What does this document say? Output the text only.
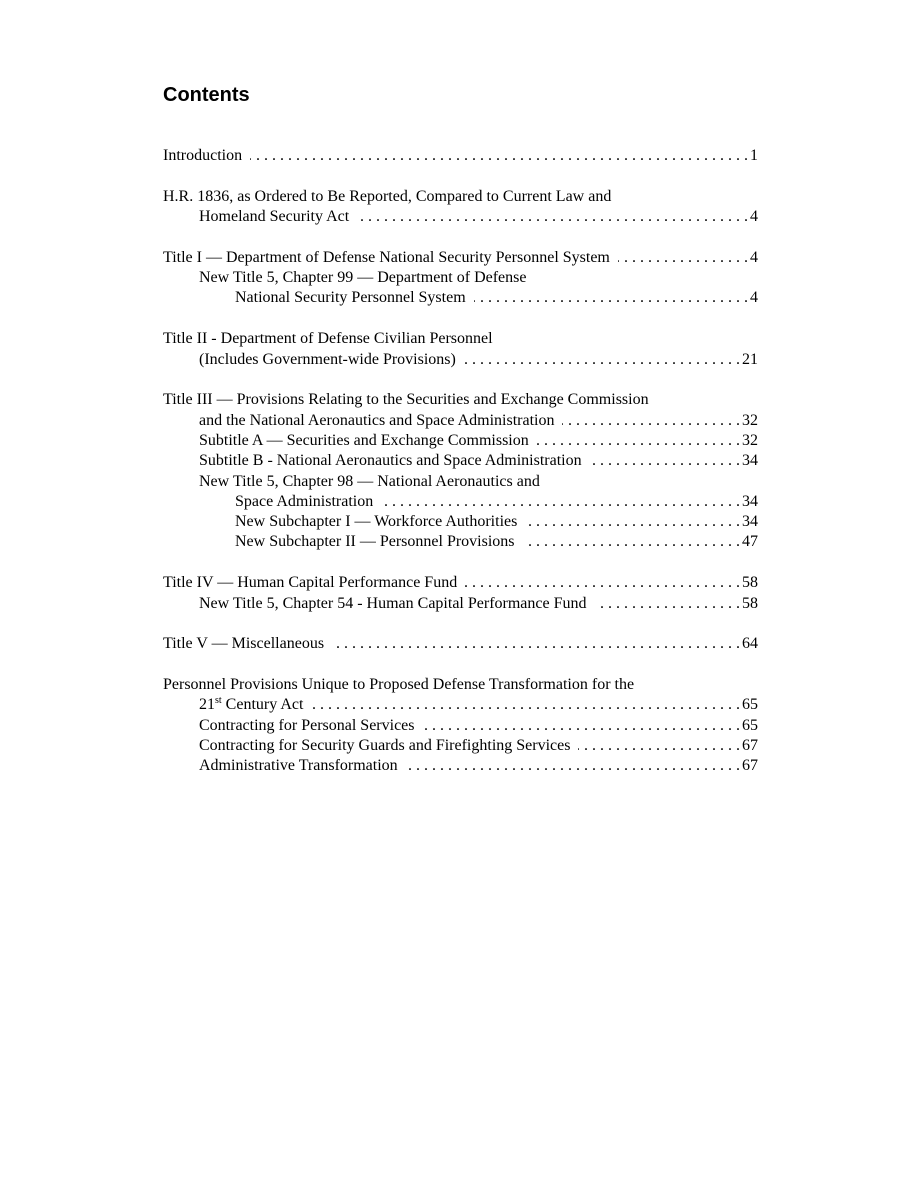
Contents
Introduction . . .	1
H.R. 1836, as Ordered to Be Reported, Compared to Current Law and
Homeland Security Act . . .	4
Title I — Department of Defense National Security Personnel System . . .	4
New Title 5, Chapter 99 — Department of Defense
National Security Personnel System . . .	4
Title II - Department of Defense Civilian Personnel
(Includes Government-wide Provisions) . . .	21
Title III — Provisions Relating to the Securities and Exchange Commission
and the National Aeronautics and Space Administration . . .	32
Subtitle A — Securities and Exchange Commission . . .	32
Subtitle B - National Aeronautics and Space Administration . . .	34
New Title 5, Chapter 98 — National Aeronautics and
Space Administration . . .	34
New Subchapter I — Workforce Authorities . . .	34
New Subchapter II — Personnel Provisions . . .	47
Title IV — Human Capital Performance Fund . . .	58
New Title 5, Chapter 54 - Human Capital Performance Fund . . .	58
Title V — Miscellaneous . . .	64
Personnel Provisions Unique to Proposed Defense Transformation for the
21st Century Act . . .	65
Contracting for Personal Services . . .	65
Contracting for Security Guards and Firefighting Services . . .	67
Administrative Transformation . . .	67
